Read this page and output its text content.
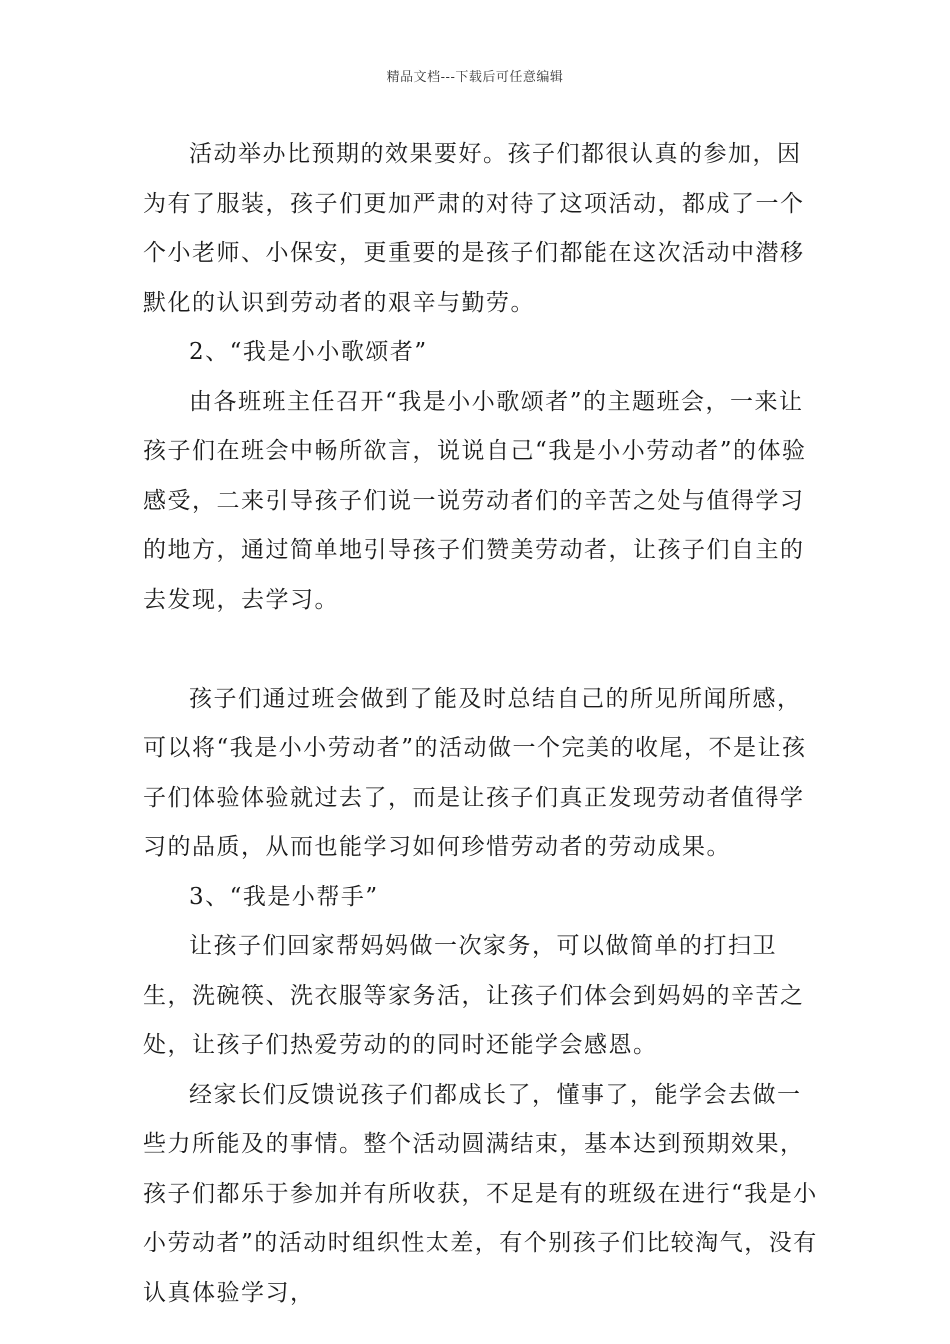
精品文档---下载后可任意编辑

活动举办比预期的效果要好。孩子们都很认真的参加，因为有了服装，孩子们更加严肃的对待了这项活动，都成了一个个小老师、小保安，更重要的是孩子们都能在这次活动中潜移默化的认识到劳动者的艰辛与勤劳。

2、“我是小小歌颂者”

由各班班主任召开“我是小小歌颂者”的主题班会，一来让孩子们在班会中畅所欲言，说说自己“我是小小劳动者”的体验感受，二来引导孩子们说一说劳动者们的辛苦之处与值得学习的地方，通过简单地引导孩子们赞美劳动者，让孩子们自主的去发现，去学习。

孩子们通过班会做到了能及时总结自己的所见所闻所感，可以将“我是小小劳动者”的活动做一个完美的收尾，不是让孩子们体验体验就过去了，而是让孩子们真正发现劳动者值得学习的品质，从而也能学习如何珍惜劳动者的劳动成果。

3、“我是小帮手”

让孩子们回家帮妈妈做一次家务，可以做简单的打扫卫生，洗碗筷、洗衣服等家务活，让孩子们体会到妈妈的辛苦之处，让孩子们热爱劳动的的同时还能学会感恩。

经家长们反馈说孩子们都成长了，懂事了，能学会去做一些力所能及的事情。整个活动圆满结束，基本达到预期效果，孩子们都乐于参加并有所收获，不足是有的班级在进行“我是小小劳动者”的活动时组织性太差，有个别孩子们比较淘气，没有认真体验学习，
